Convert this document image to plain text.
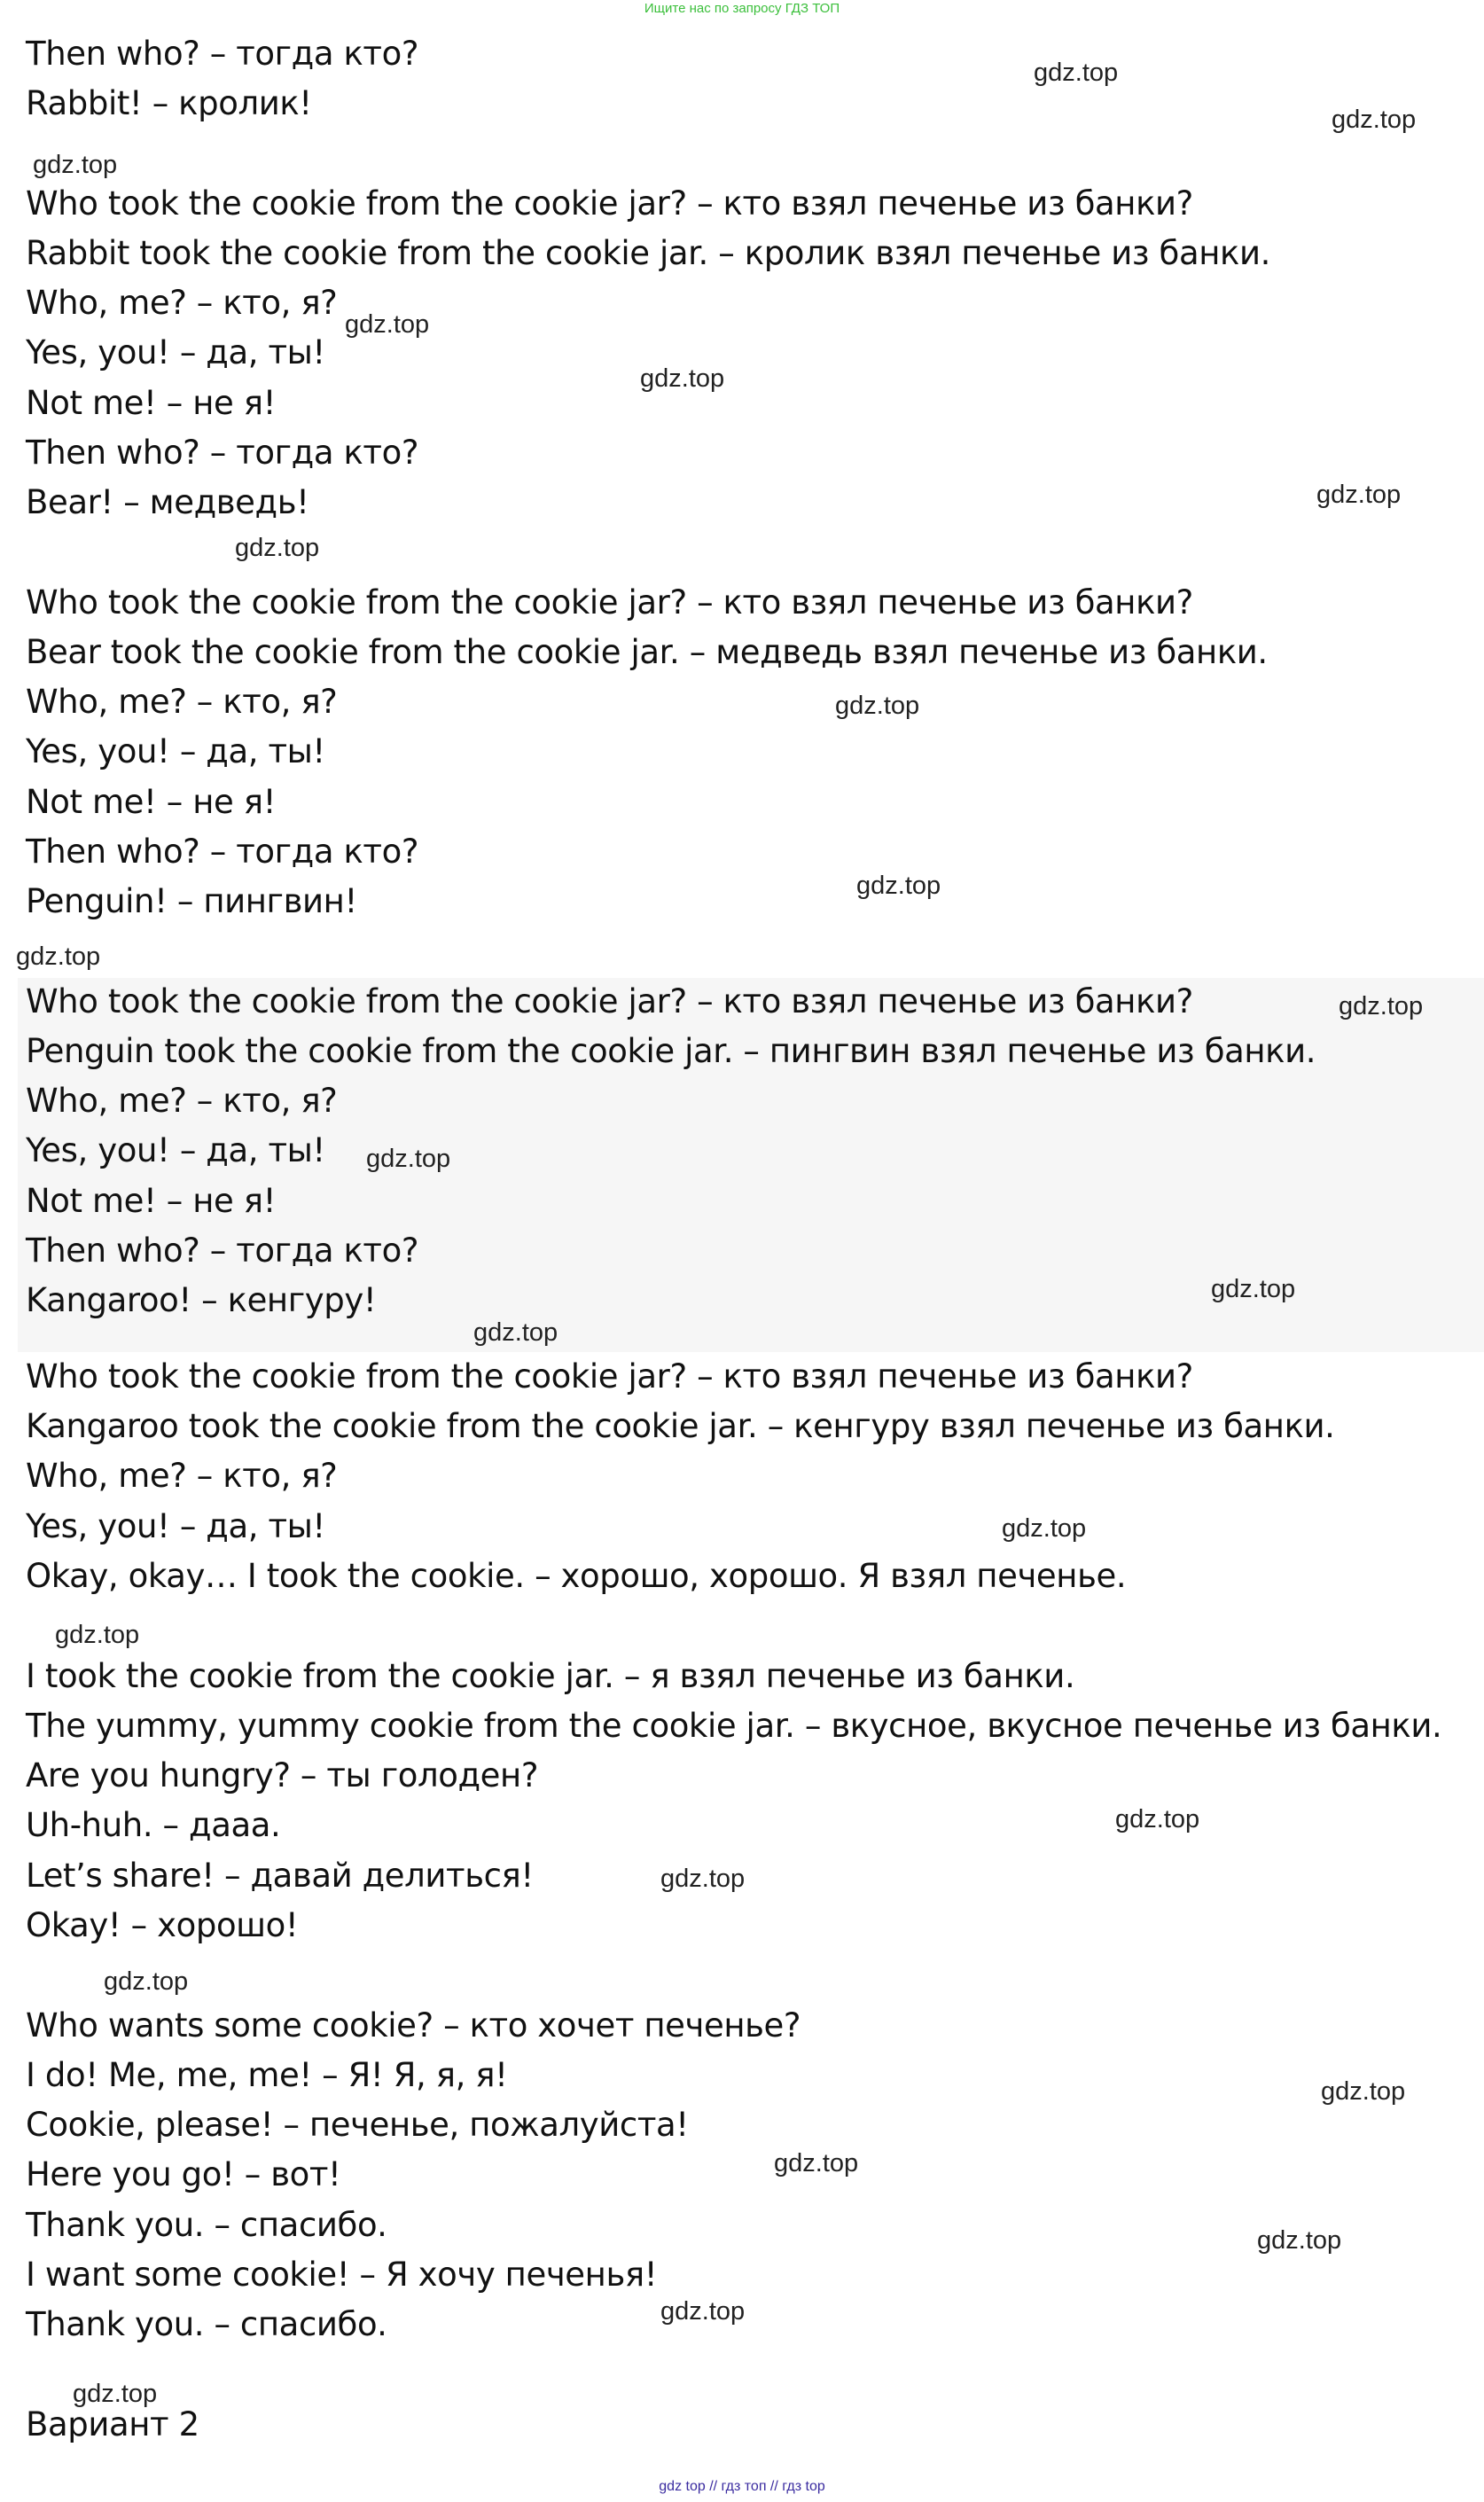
Ищите нас по запросу ГДЗ ТОП

Then who? – тогда кто?

Rabbit! – кролик!

Who took the cookie from the cookie jar? – кто взял печенье из банки?

Rabbit took the cookie from the cookie jar. – кролик взял печенье из банки.

Who, me? – кто, я?

Yes, you! – да, ты!

Not me! – не я!

Then who? – тогда кто?

Bear! – медведь!

Who took the cookie from the cookie jar? – кто взял печенье из банки?

Bear took the cookie from the cookie jar. – медведь взял печенье из банки.

Who, me? – кто, я?

Yes, you! – да, ты!

Not me! – не я!

Then who? – тогда кто?

Penguin! – пингвин!

Who took the cookie from the cookie jar? – кто взял печенье из банки?

Penguin took the cookie from the cookie jar. – пингвин взял печенье из банки.

Who, me? – кто, я?

Yes, you! – да, ты!

Not me! – не я!

Then who? – тогда кто?

Kangaroo! – кенгуру!

Who took the cookie from the cookie jar? – кто взял печенье из банки?

Kangaroo took the cookie from the cookie jar. – кенгуру взял печенье из банки.

Who, me? – кто, я?

Yes, you! – да, ты!

Okay, okay… I took the cookie. – хорошо, хорошо. Я взял печенье.

I took the cookie from the cookie jar. – я взял печенье из банки.

The yummy, yummy cookie from the cookie jar. – вкусное, вкусное печенье из банки.

Are you hungry? – ты голоден?

Uh-huh. – дааа.

Let’s share! – давай делиться!

Okay! – хорошо!

Who wants some cookie? – кто хочет печенье?

I do! Me, me, me! – Я! Я, я, я!

Cookie, please! – печенье, пожалуйста!

Here you go! – вот!

Thank you. – спасибо.

I want some cookie! – Я хочу печенья!

Thank you. – спасибо.

Вариант 2

gdz.top
gdz.top
gdz.top
gdz.top
gdz.top
gdz.top
gdz.top
gdz.top
gdz.top
gdz.top
gdz.top
gdz.top
gdz.top
gdz.top
gdz.top
gdz.top
gdz.top
gdz.top
gdz.top
gdz.top
gdz.top
gdz.top
gdz.top
gdz.top
gdz top // гдз топ // гдз top
